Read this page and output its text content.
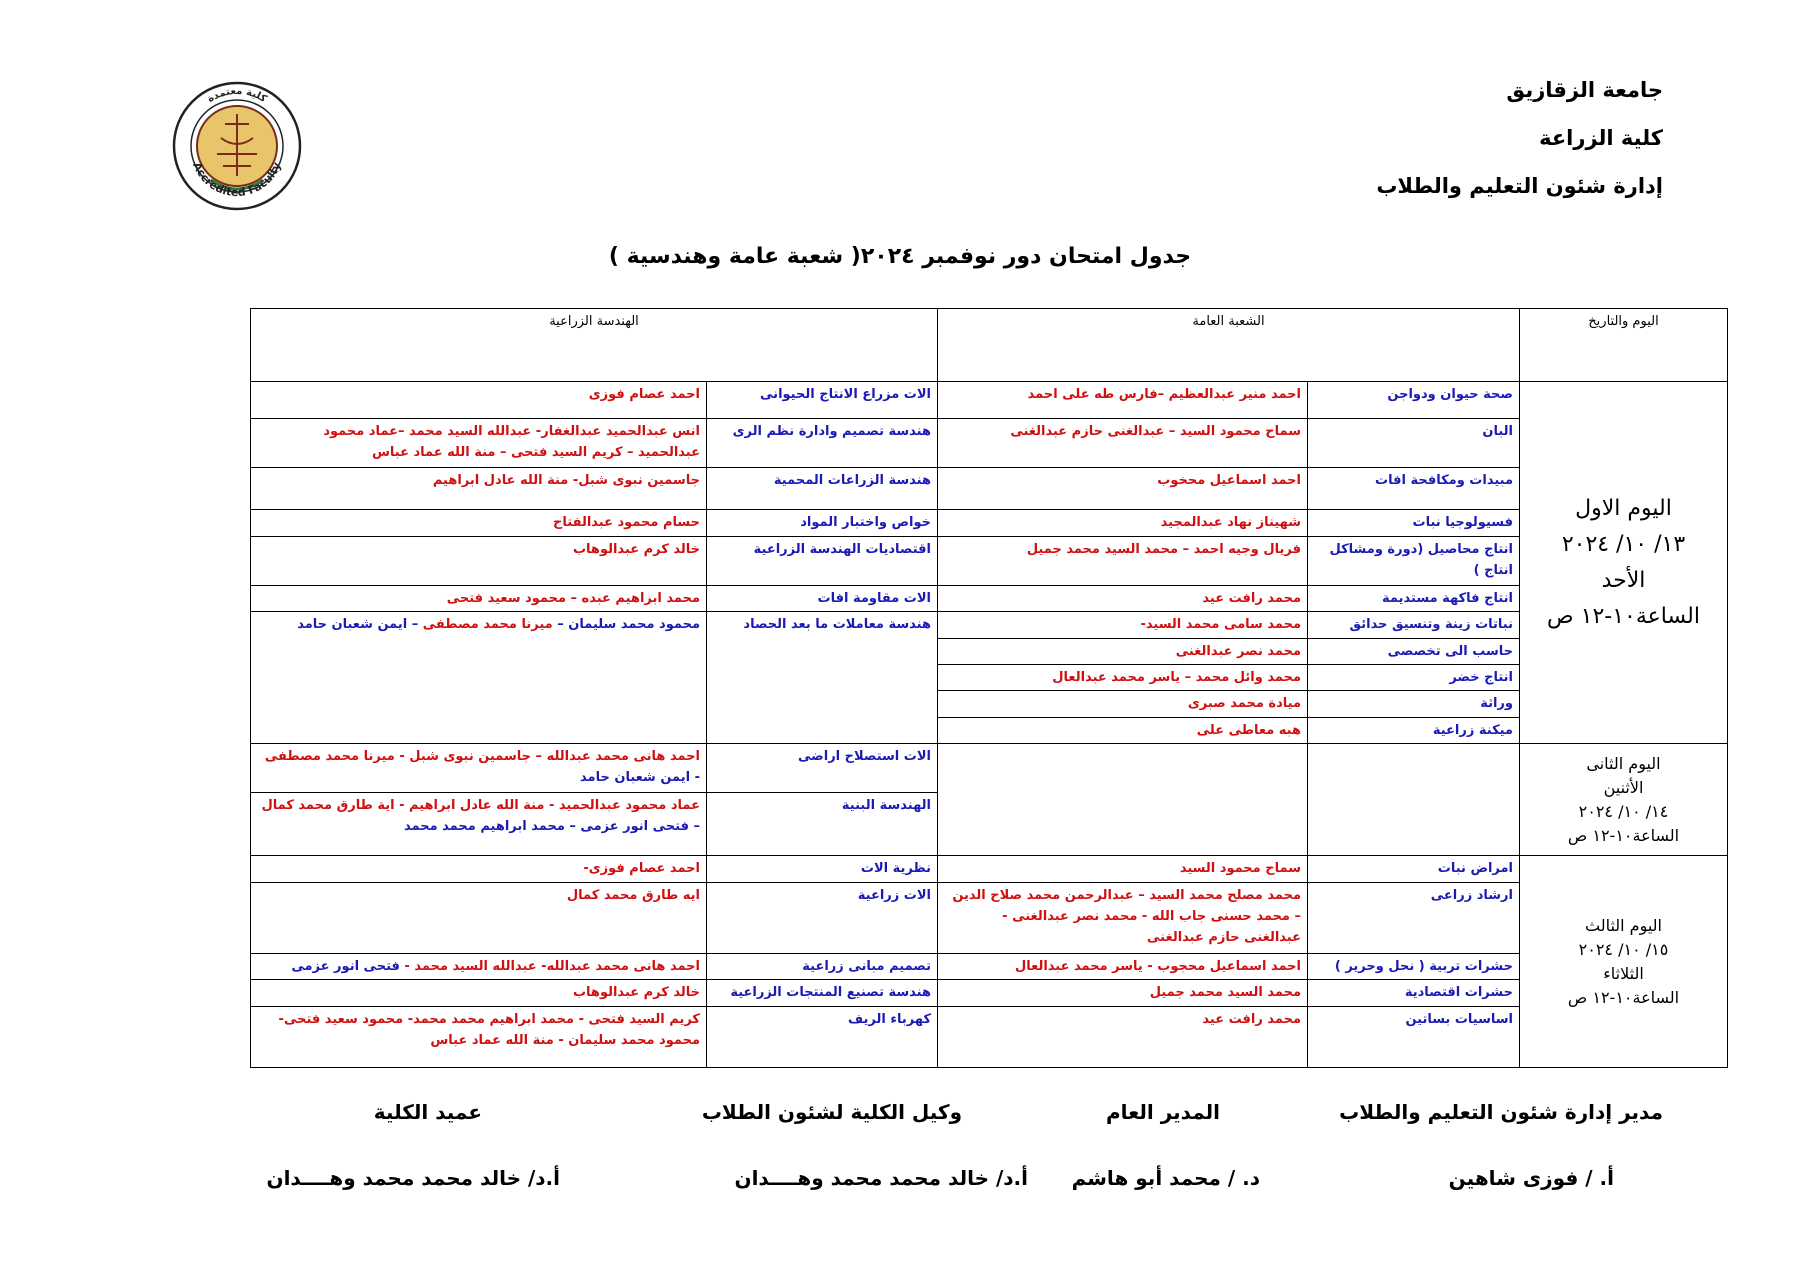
جامعة الزقازيق
كلية الزراعة
إدارة شئون التعليم والطلاب
Accredited Faculty
كلية معتمدة
جدول امتحان دور نوفمبر ٢٠٢٤( شعبة عامة وهندسية )
اليوم والتاريخ	الشعبة العامة		الهندسة الزراعية	

اليوم الاول
١٣/ ١٠/ ٢٠٢٤
الأحد
الساعة١٠-١٢ ص	صحة حيوان ودواجن	احمد منير عبدالعظيم –فارس طه على احمد	الات مزراع الانتاج الحيوانى	احمد عصام فوزى
	البان	سماح محمود السيد – عبدالغنى حازم عبدالغنى	هندسة تصميم وادارة نظم الرى	انس عبدالحميد عبدالغفار- عبدالله السيد محمد –عماد محمود عبدالحميد – كريم السيد فتحى – منة الله عماد عباس
	مبيدات ومكافحة افات	احمد اسماعيل محخوب	هندسة الزراعات المحمية	جاسمين نبوى شبل- منة الله عادل ابراهيم
	فسيولوجيا نبات	شهيناز نهاد عبدالمجيد	خواص واختبار المواد	حسام محمود عبدالفتاح
	انتاج محاصيل (دورة ومشاكل انتاج )	فريال وجيه احمد – محمد السيد محمد جميل	اقتصاديات الهندسة الزراعية	خالد كرم عبدالوهاب
	انتاج فاكهة مستديمة	محمد رافت عيد	الات مقاومة افات	محمد ابراهيم عبده – محمود سعيد فتحى
	نباتات زينة وتنسيق حدائق	محمد سامى محمد السيد-	هندسة معاملات ما بعد الحصاد	محمود محمد سليمان – ميرنا محمد مصطفى – ايمن شعبان حامد
	حاسب الى تخصصى	محمد نصر عبدالغنى		
	انتاج خضر	محمد وائل محمد – ياسر محمد عبدالعال		
	وراثة	ميادة محمد صبرى		
	ميكنة زراعية	هبه معاطى على		

اليوم الثانى
الأثنين
١٤/ ١٠/ ٢٠٢٤
الساعة١٠-١٢ ص			الات استصلاح اراضى	احمد هانى محمد عبدالله – جاسمين نبوى شبل - ميرنا محمد مصطفى - ايمن شعبان حامد
			الهندسة البنية	عماد محمود عبدالحميد - منة الله عادل ابراهيم - اية طارق محمد كمال – فتحى انور عزمى – محمد ابراهيم محمد محمد

اليوم الثالث
١٥/ ١٠/ ٢٠٢٤
الثلاثاء
الساعة١٠-١٢ ص	امراض نبات	سماح محمود السيد	نظرية الات	احمد عصام فوزى-
	ارشاد زراعى	محمد مصلح محمد السيد – عبدالرحمن محمد صلاح الدين – محمد حسنى جاب الله - محمد نصر عبدالغنى - عبدالغنى حازم عبدالغنى	الات زراعية	ايه طارق محمد كمال
	حشرات تربية ( نحل وحرير )	احمد اسماعيل محجوب - ياسر محمد عبدالعال	تصميم مبانى زراعية	احمد هانى محمد عبدالله- عبدالله السيد محمد - فتحى انور عزمى
	حشرات اقتصادية	محمد السيد محمد جميل	هندسة تصنيع المنتجات الزراعية	خالد كرم عبدالوهاب
	اساسيات بساتين	محمد رافت عيد	كهرباء الريف	كريم السيد فتحى - محمد ابراهيم محمد محمد- محمود سعيد فتحى- محمود محمد سليمان - منة الله عماد عباس
مدير إدارة شئون التعليم والطلاب
المدير العام
وكيل الكلية لشئون الطلاب
عميد الكلية
أ. / فوزى شاهين
د. / محمد أبو هاشم
أ.د/ خالد محمد محمد وهــــدان
أ.د/ خالد محمد محمد وهــــدان
